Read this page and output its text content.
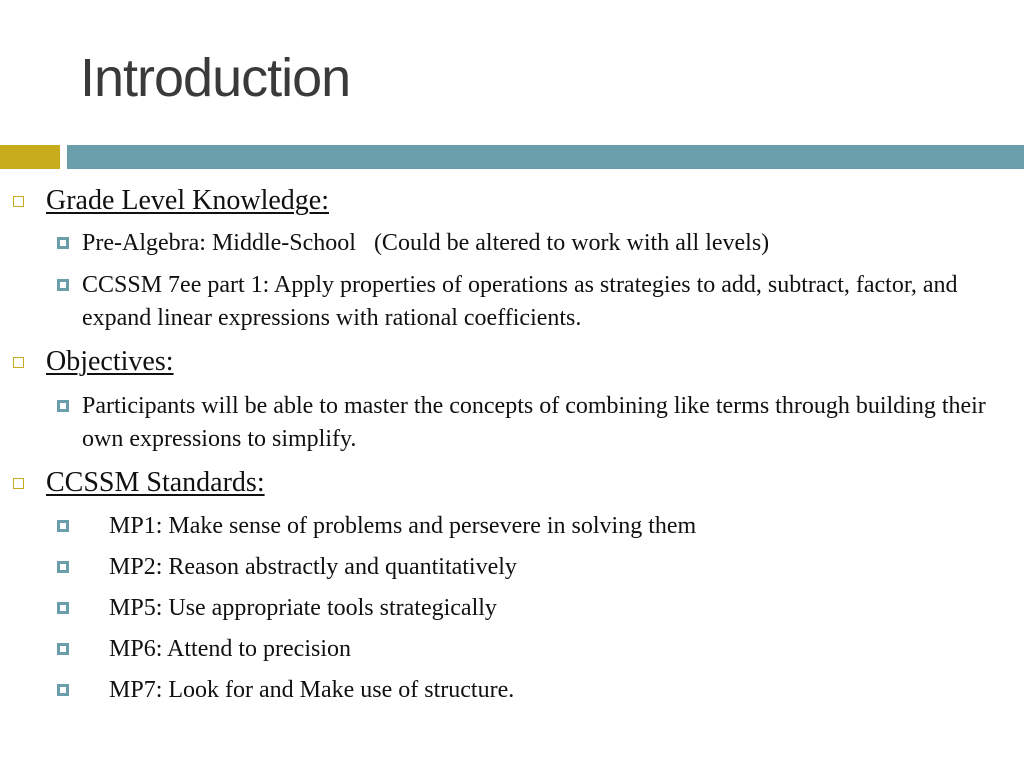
Introduction
Grade Level Knowledge:
Pre-Algebra: Middle-School   (Could be altered to work with all levels)
CCSSM 7ee part 1: Apply properties of operations as strategies to add, subtract, factor, and expand linear expressions with rational coefficients.
Objectives:
Participants will be able to master the concepts of combining like terms through building their own expressions to simplify.
CCSSM Standards:
MP1: Make sense of problems and persevere in solving them
MP2: Reason abstractly and quantitatively
MP5: Use appropriate tools strategically
MP6: Attend to precision
MP7: Look for and Make use of structure.
